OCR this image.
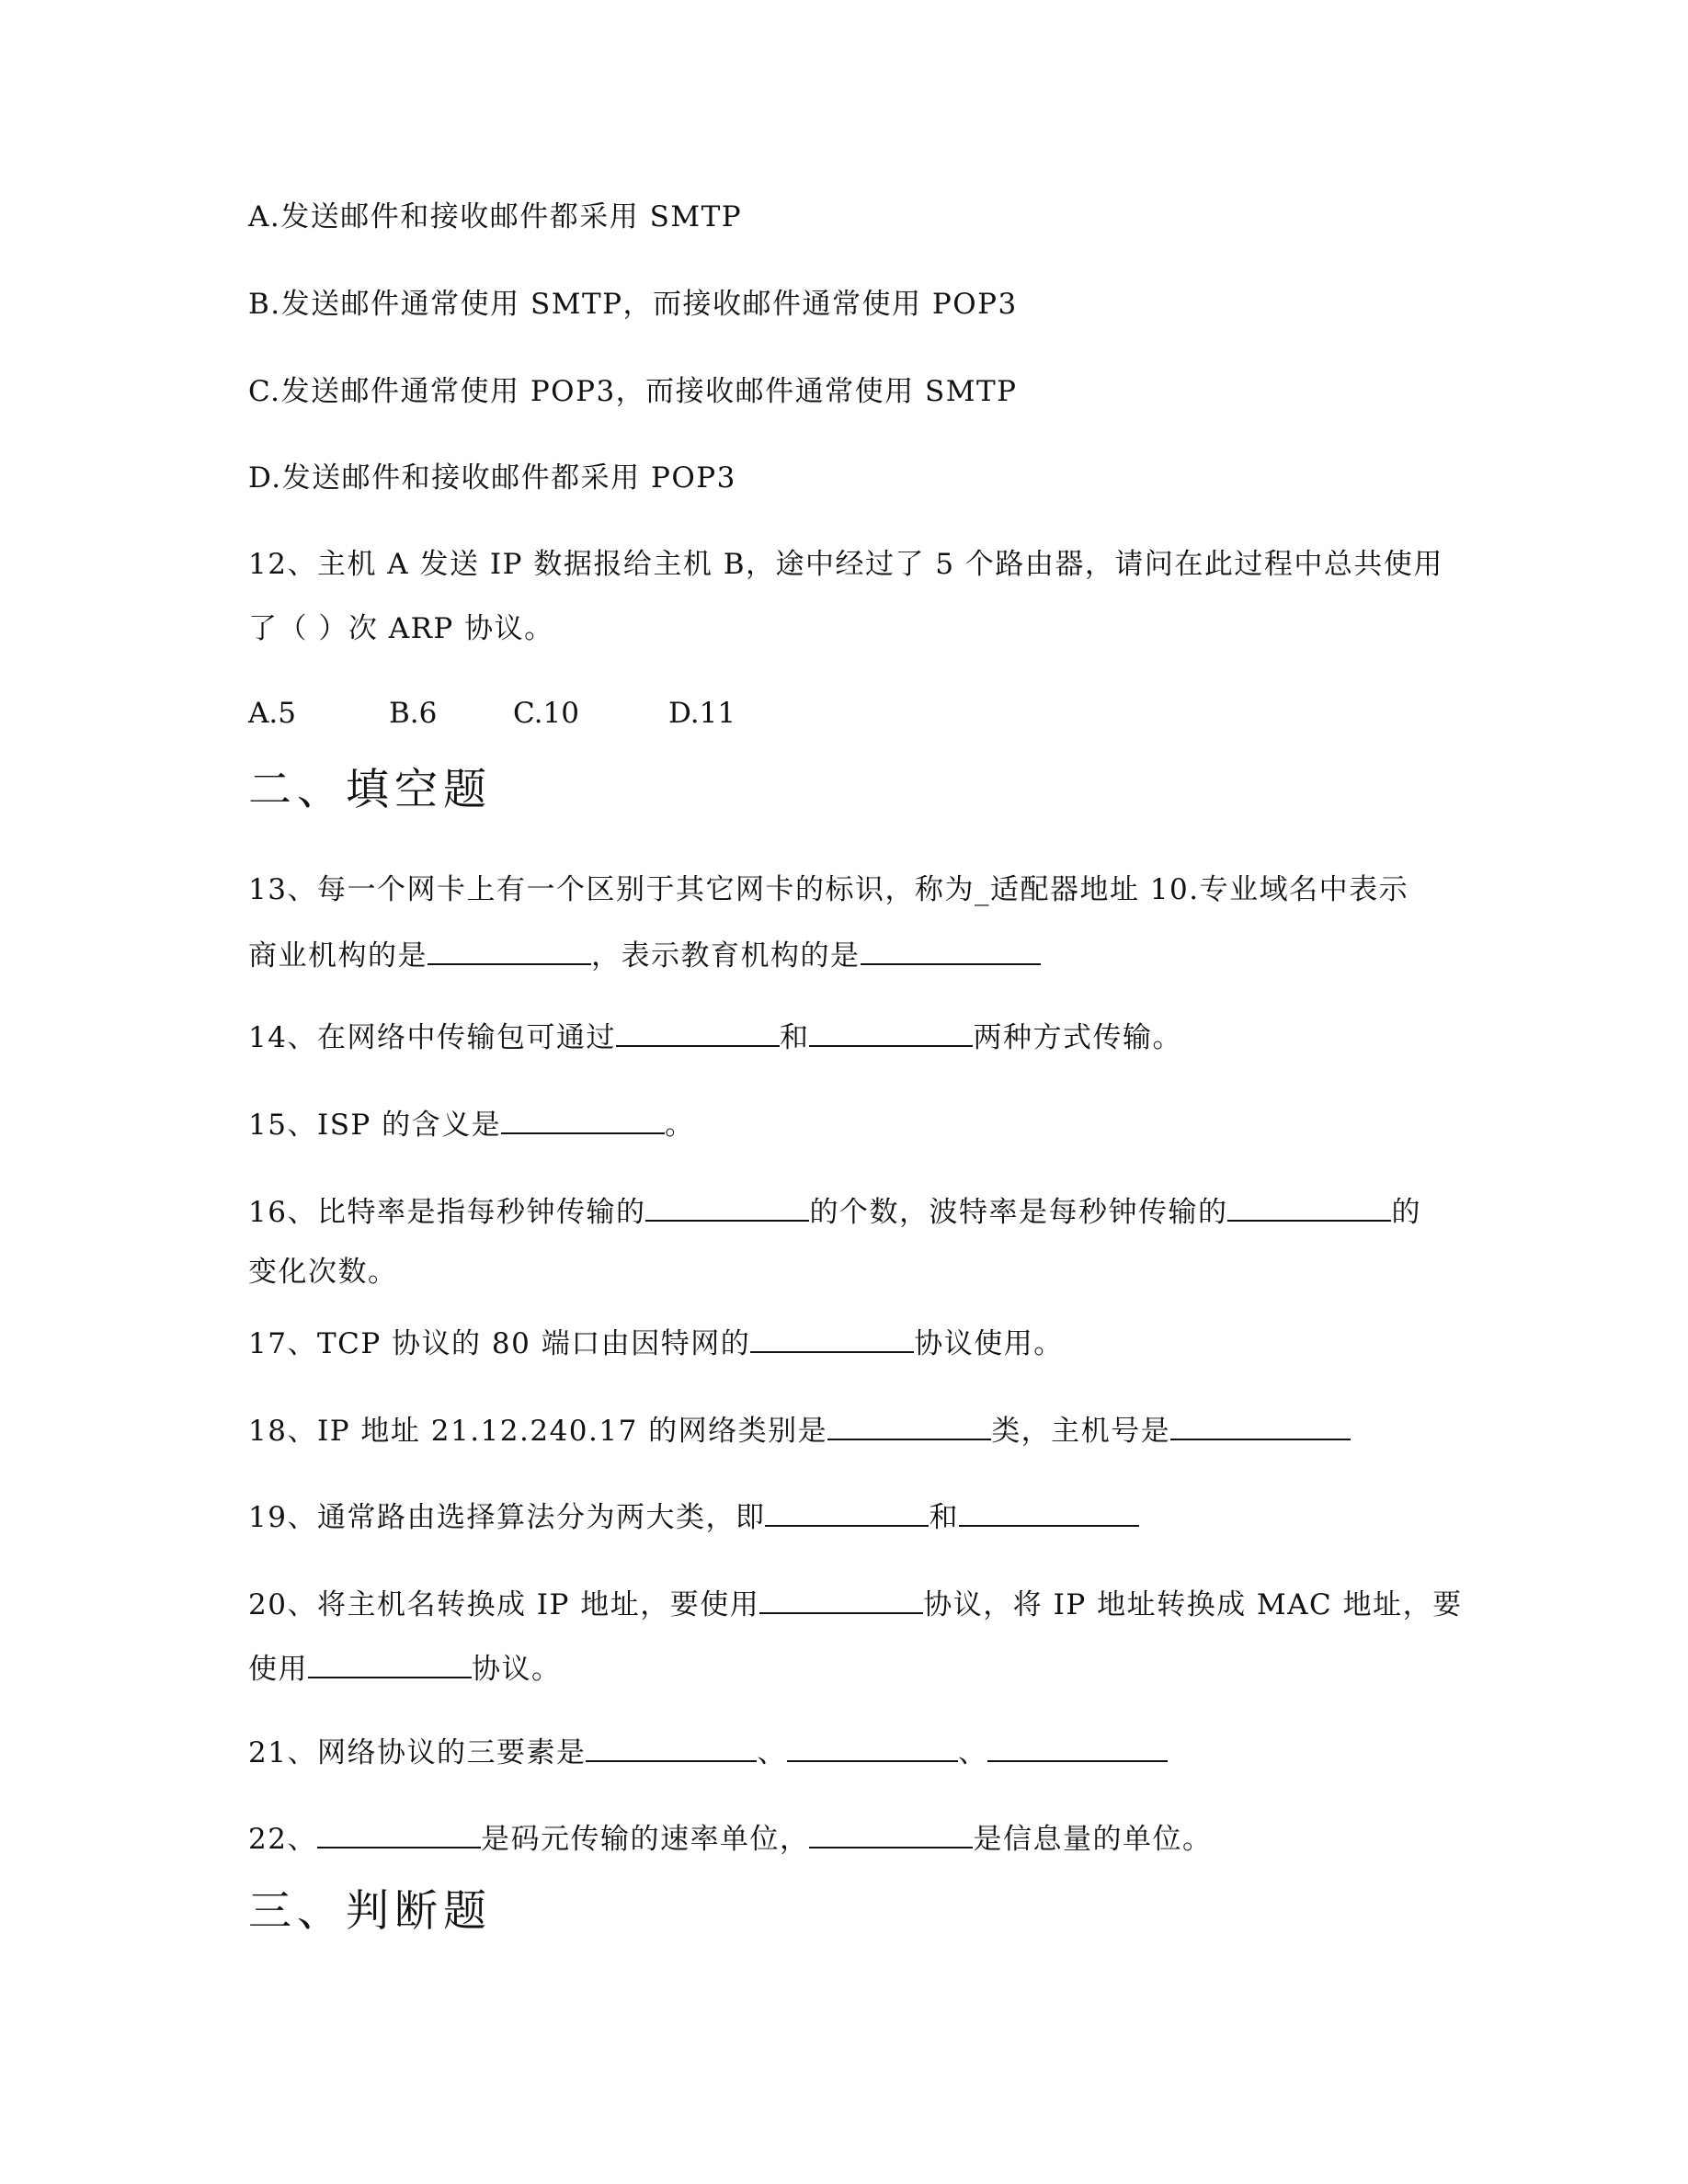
A.发送邮件和接收邮件都采用 SMTP
B.发送邮件通常使用 SMTP，而接收邮件通常使用 POP3
C.发送邮件通常使用 POP3，而接收邮件通常使用 SMTP
D.发送邮件和接收邮件都采用 POP3
12、主机 A 发送 IP 数据报给主机 B，途中经过了 5 个路由器，请问在此过程中总共使用
了（ ）次 ARP 协议。
A.5	B.6	C.10	D.11
二、填空题
13、每一个网卡上有一个区别于其它网卡的标识，称为_适配器地址 10.专业域名中表示
商业机构的是	，表示教育机构的是
14、在网络中传输包可通过	和	两种方式传输。
15、ISP 的含义是	。
16、比特率是指每秒钟传输的	的个数，波特率是每秒钟传输的	的
变化次数。
17、TCP 协议的 80 端口由因特网的	协议使用。
18、IP 地址 21.12.240.17 的网络类别是	类，主机号是
19、通常路由选择算法分为两大类，即	和
20、将主机名转换成 IP 地址，要使用	协议，将 IP 地址转换成 MAC 地址，要
使用	协议。
21、网络协议的三要素是	、	、
22、	是码元传输的速率单位，	是信息量的单位。
三、判断题
